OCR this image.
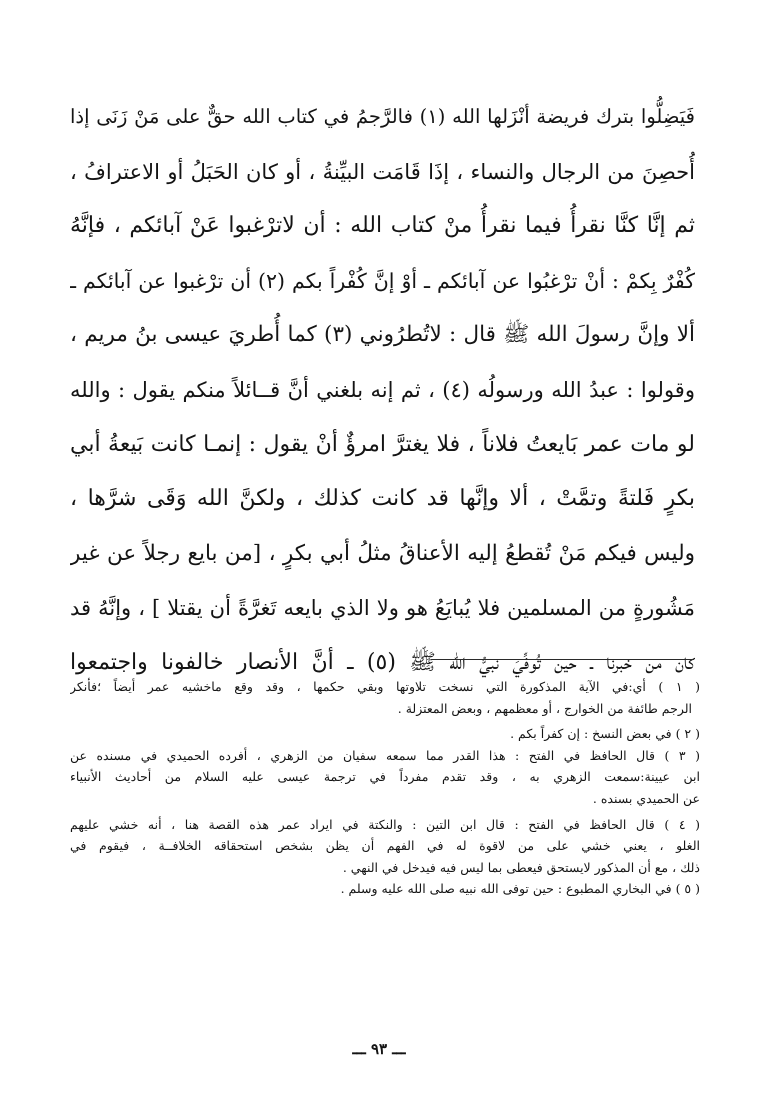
فَيَضِلُّوا بترك فريضة أنْزَلها الله (١) فالرَّجمُ في كتاب الله حقٌّ على مَنْ زَنَى إذا
أُحصِنَ من الرجال والنساء ، إذَا قَامَت البيِّنةُ ، أو كان الحَبَلُ أو الاعترافُ ،
ثم إنَّا كنَّا نقرأُ فيما نقرأُ منْ كتاب الله : أن لاترْغبوا عَنْ آبائكم ، فإنَّهُ
كُفْرٌ بِكمْ : أنْ ترْغبُوا عن آبائكم ـ أوْ إنَّ كُفْراً بكم (٢) أن ترْغبوا عن آبائكم ـ
ألا وإنَّ رسولَ الله ﷺ قال : لاتُطرُوني (٣) كما أُطريَ عيسى بنُ مريم ،
وقولوا : عبدُ الله ورسولُه (٤) ، ثم إنه بلغني أنَّ قــائلاً منكم يقول : والله
لو مات عمر بَايعتُ فلاناً ، فلا يغترَّ امرؤٌ أنْ يقول : إنمـا كانت بَيعةُ أبي
بكرٍ فَلتةً وتمَّتْ ، ألا وإنَّها قد كانت كذلك ، ولكنَّ الله وَقَى شرَّها ،
وليس فيكم مَنْ تُقطعُ إليه الأعناقُ مثلُ أبي بكرٍ ، [من بايع رجلاً عن غير
مَشُورةٍ من المسلمين فلا يُبايَعُ هو ولا الذي بايعه تَغرَّةً أن يقتلا ] ، وإنَّهُ قد
كان من خبرنا ـ حين تُوفِّيَ نبيُّ الله ﷺ (٥) ـ أنَّ الأنصار خالفونا واجتمعوا
( ١ ) أي:في الآية المذكورة التي نسخت تلاوتها وبقي حكمها ، وقد وقع ماخشيه عمر أيضاً ؛فأنكر
الرجم طائفة من الخوارج ، أو معظمهم ، وبعض المعتزلة .
( ٢ ) في بعض النسخ : إن كفراً بكم .
( ٣ ) قال الحافظ في الفتح : هذا القدر مما سمعه سفيان من الزهري ، أفرده الحميدي في مسنده عن
ابن عيينة:سمعت الزهري به ، وقد تقدم مفرداً في ترجمة عيسى عليه السلام من أحاديث الأنبياء
عن الحميدي بسنده .
( ٤ ) قال الحافظ في الفتح : قال ابن التين : والنكتة في ايراد عمر هذه القصة هنا ، أنه خشي عليهم
الغلو ، يعني خشي على من لاقوة له في الفهم أن يظن بشخص استحقاقه الخلافــة ، فيقوم في
ذلك ، مع أن المذكور لايستحق فيعطى بما ليس فيه فيدخل في النهي .
( ٥ ) في البخاري المطبوع : حين توفى الله نبيه صلى الله عليه وسلم .
ـــ ٩٣ ـــ
